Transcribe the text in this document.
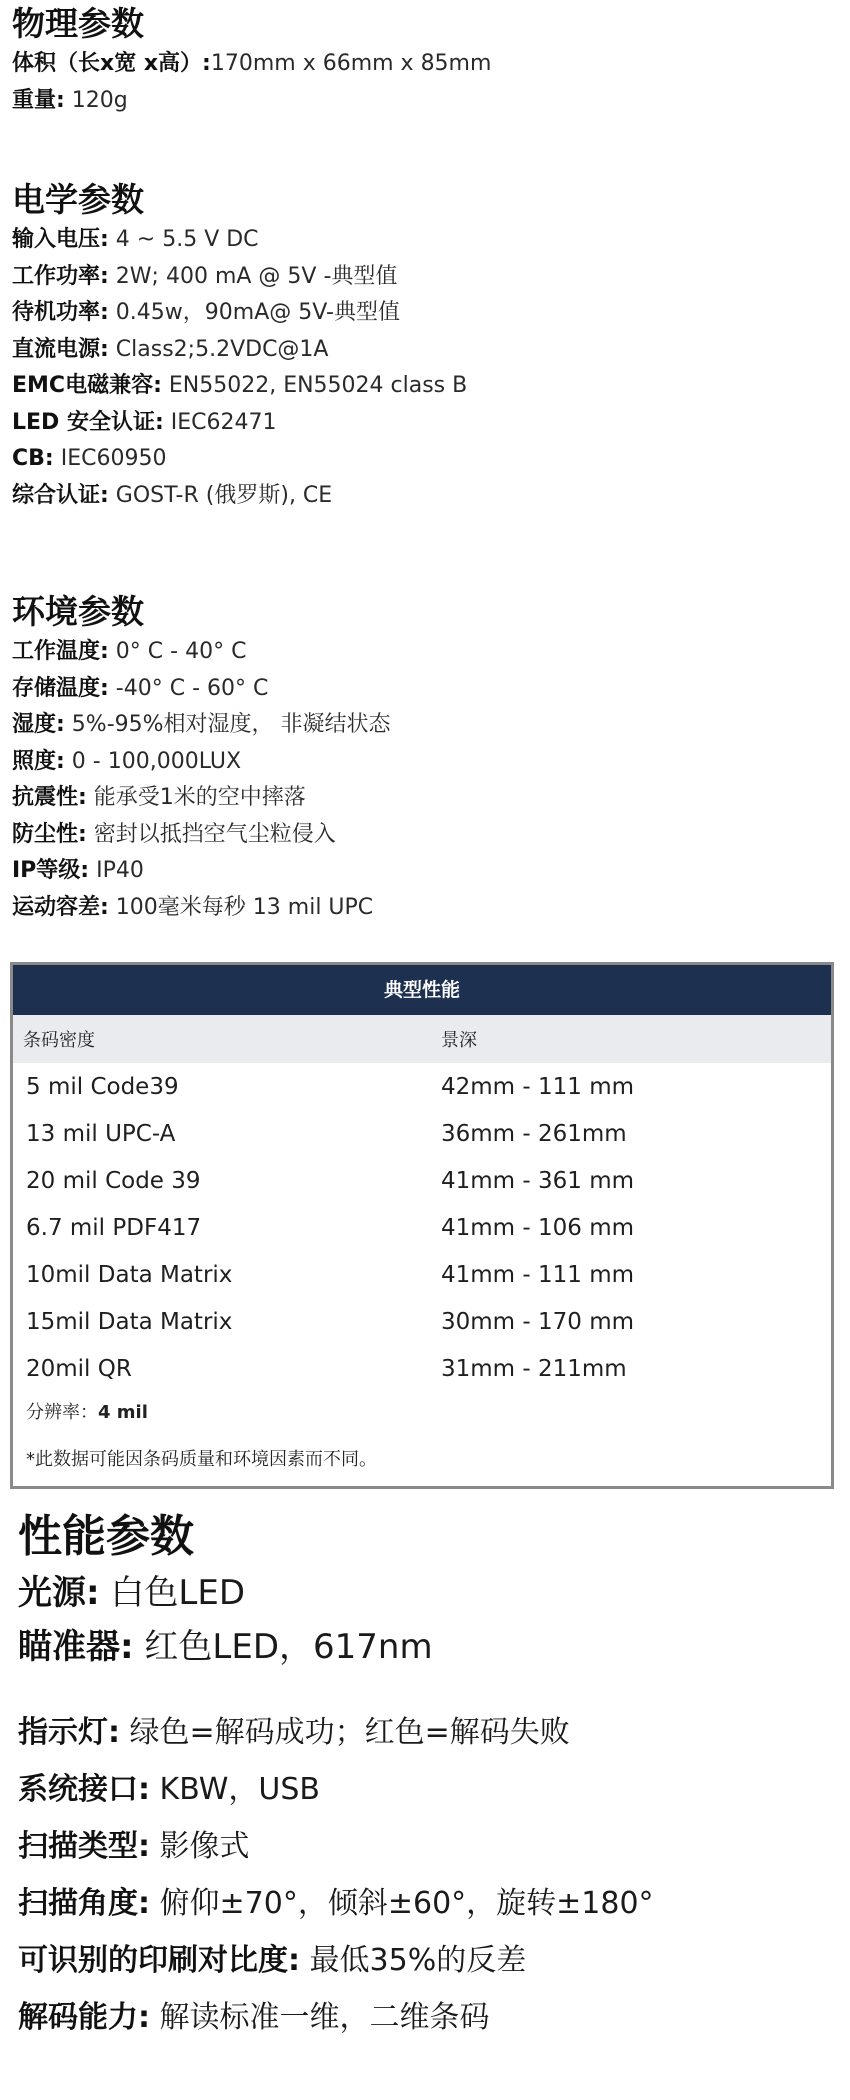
物理参数
体积（长x宽 x高）:170mm x 66mm x 85mm
重量: 120g
电学参数
输入电压: 4 ~ 5.5 V DC
工作功率: 2W; 400 mA @ 5V -典型值
待机功率: 0.45w，90mA@ 5V-典型值
直流电源: Class2;5.2VDC@1A
EMC电磁兼容: EN55022, EN55024 class B
LED 安全认证: IEC62471
CB: IEC60950
综合认证: GOST-R (俄罗斯), CE
环境参数
工作温度: 0° C - 40° C
存储温度: -40° C - 60° C
湿度: 5%-95%相对湿度， 非凝结状态
照度: 0 - 100,000LUX
抗震性: 能承受1米的空中摔落
防尘性: 密封以抵挡空气尘粒侵入
IP等级: IP40
运动容差: 100毫米每秒 13 mil UPC
典型性能
条码密度	景深
5 mil Code39	42mm - 111 mm
13 mil UPC-A	36mm - 261mm
20 mil Code 39	41mm - 361 mm
6.7 mil PDF417	41mm - 106 mm
10mil Data Matrix	41mm - 111 mm
15mil Data Matrix	30mm - 170 mm
20mil QR	31mm - 211mm
分辨率：4 mil
*此数据可能因条码质量和环境因素而不同。
性能参数
光源: 白色LED
瞄准器: 红色LED，617nm
指示灯: 绿色=解码成功；红色=解码失败
系统接口: KBW，USB
扫描类型: 影像式
扫描角度: 俯仰±70°，倾斜±60°，旋转±180°
可识别的印刷对比度: 最低35%的反差
解码能力: 解读标准一维，二维条码
